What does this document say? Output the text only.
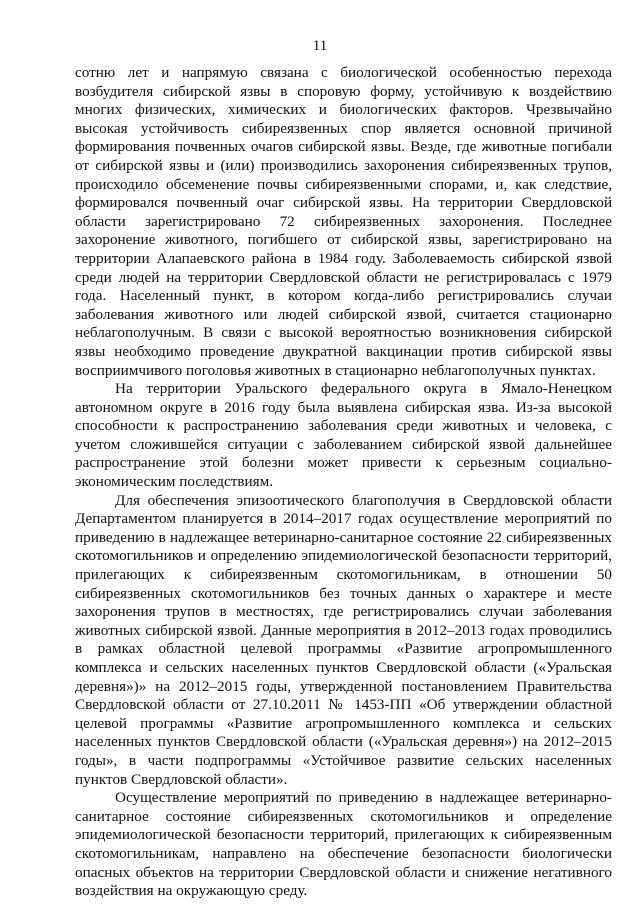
11

сотню лет и напрямую связана с биологической особенностью перехода возбудителя сибирской язвы в споровую форму, устойчивую к воздействию многих физических, химических и биологических факторов. Чрезвычайно высокая устойчивость сибиреязвенных спор является основной причиной формирования почвенных очагов сибирской язвы. Везде, где животные погибали от сибирской язвы и (или) производились захоронения сибиреязвенных трупов, происходило обсеменение почвы сибиреязвенными спорами, и, как следствие, формировался почвенный очаг сибирской язвы. На территории Свердловской области зарегистрировано 72 сибиреязвенных захоронения. Последнее захоронение животного, погибшего от сибирской язвы, зарегистрировано на территории Алапаевского района в 1984 году. Заболеваемость сибирской язвой среди людей на территории Свердловской области не регистрировалась с 1979 года. Населенный пункт, в котором когда-либо регистрировались случаи заболевания животного или людей сибирской язвой, считается стационарно неблагополучным. В связи с высокой вероятностью возникновения сибирской язвы необходимо проведение двукратной вакцинации против сибирской язвы восприимчивого поголовья животных в стационарно неблагополучных пунктах.

На территории Уральского федерального округа в Ямало-Ненецком автономном округе в 2016 году была выявлена сибирская язва. Из-за высокой способности к распространению заболевания среди животных и человека, с учетом сложившейся ситуации с заболеванием сибирской язвой дальнейшее распространение этой болезни может привести к серьезным социально-экономическим последствиям.

Для обеспечения эпизоотического благополучия в Свердловской области Департаментом планируется в 2014–2017 годах осуществление мероприятий по приведению в надлежащее ветеринарно-санитарное состояние 22 сибиреязвенных скотомогильников и определению эпидемиологической безопасности территорий, прилегающих к сибиреязвенным скотомогильникам, в отношении 50 сибиреязвенных скотомогильников без точных данных о характере и месте захоронения трупов в местностях, где регистрировались случаи заболевания животных сибирской язвой. Данные мероприятия в 2012–2013 годах проводились в рамках областной целевой программы «Развитие агропромышленного комплекса и сельских населенных пунктов Свердловской области («Уральская деревня»)» на 2012–2015 годы, утвержденной постановлением Правительства Свердловской области от 27.10.2011 № 1453-ПП «Об утверждении областной целевой программы «Развитие агропромышленного комплекса и сельских населенных пунктов Свердловской области («Уральская деревня») на 2012–2015 годы», в части подпрограммы «Устойчивое развитие сельских населенных пунктов Свердловской области».

Осуществление мероприятий по приведению в надлежащее ветеринарно-санитарное состояние сибиреязвенных скотомогильников и определение эпидемиологической безопасности территорий, прилегающих к сибиреязвенным скотомогильникам, направлено на обеспечение безопасности биологически опасных объектов на территории Свердловской области и снижение негативного воздействия на окружающую среду.
